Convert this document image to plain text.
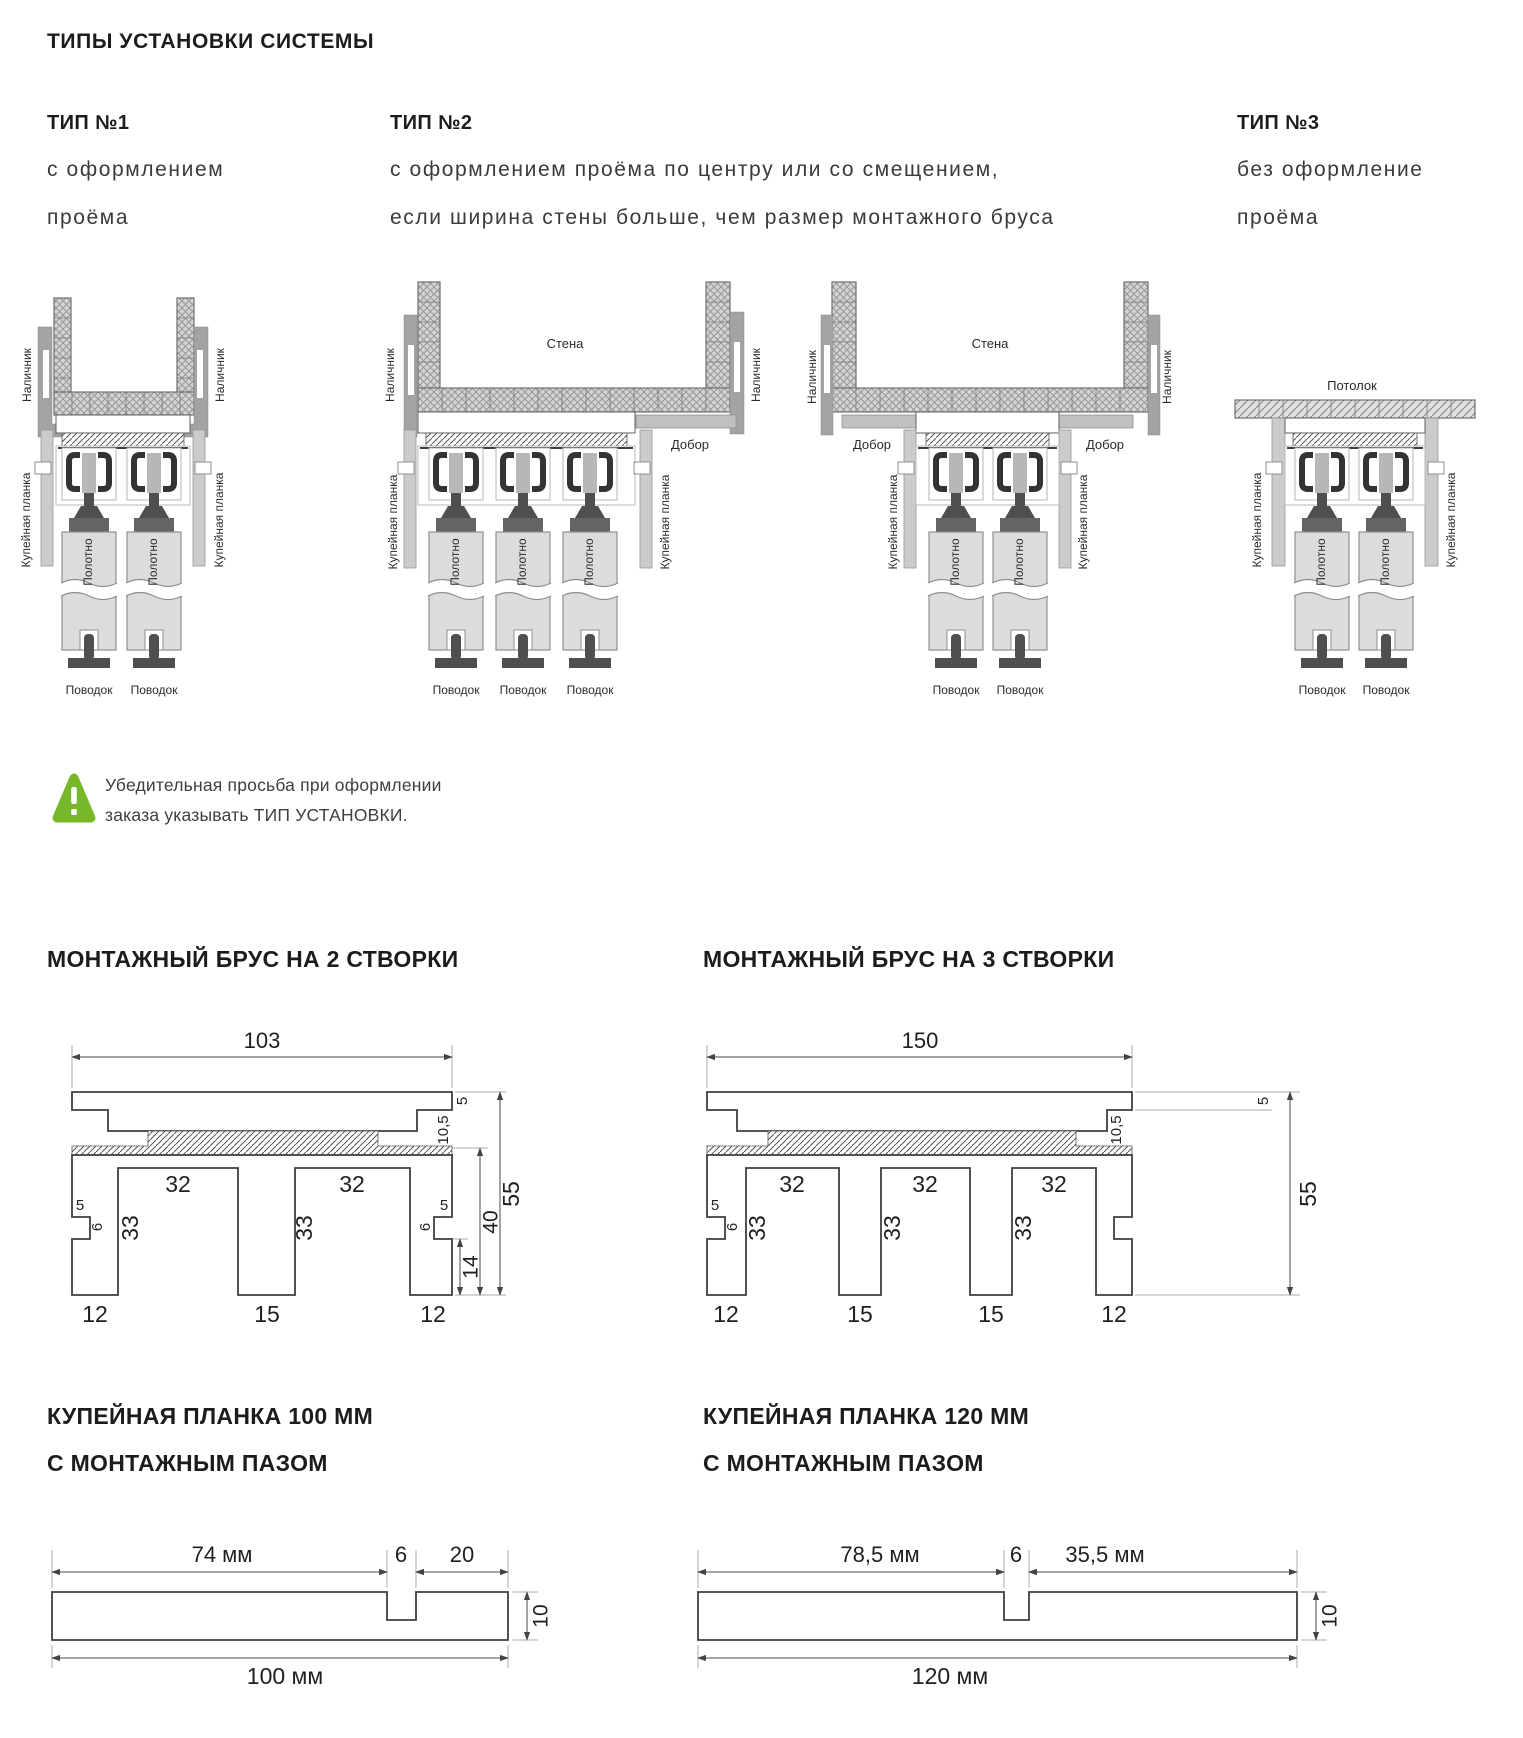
Наличник	Наличник
Купейная планка	Купейная планка
Полотно	Полотно
Поводок Поводок
Стена
Наличник	Наличник
Добор
Купейная планка	Купейная планка
Полотно	Полотно	Полотно
Поводок Поводок Поводок
Стена
Наличник	Наличник
Добор	Добор
Купейная планка	Купейная планка
Полотно	Полотно
Поводок Поводок
Потолок
Купейная планка	Купейная планка
Полотно	Полотно
Поводок Поводок
103
5
10,5
14
40
55
32	32
33	33
5
6
5
6
12	15	12
150
5
10,5
55
32	32	32
33	33	33
5
6
12	15	15	12
74 мм	6 20
10
100 мм
78,5 мм	6 35,5 мм
10
120 мм
ТИПЫ УСТАНОВКИ СИСТЕМЫ
ТИП №1
с оформлением
проёма
ТИП №2
с оформлением проёма по центру или со смещением,
если ширина стены больше, чем размер монтажного бруса
ТИП №3
без оформление
проёма
Убедительная просьба при оформлении
заказа указывать ТИП УСТАНОВКИ.
МОНТАЖНЫЙ БРУС НА 2 СТВОРКИ	МОНТАЖНЫЙ БРУС НА 3 СТВОРКИ
КУПЕЙНАЯ ПЛАНКА 100 ММ
С МОНТАЖНЫМ ПАЗОМ
КУПЕЙНАЯ ПЛАНКА 120 ММ
С МОНТАЖНЫМ ПАЗОМ
